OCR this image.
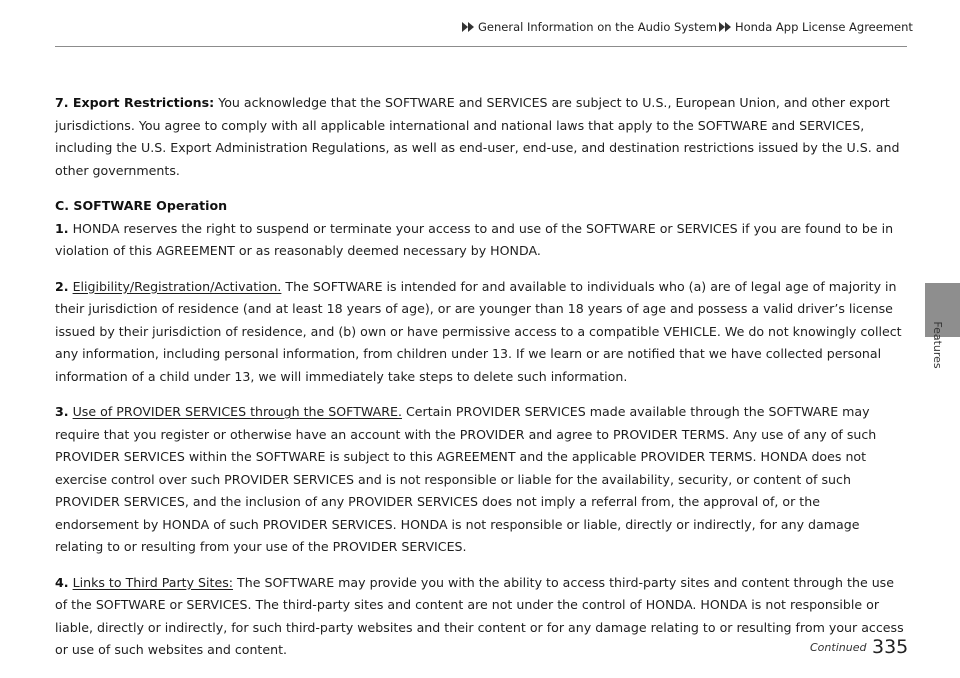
General Information on the Audio System Honda App License Agreement
Features

7. Export Restrictions: You acknowledge that the SOFTWARE and SERVICES are subject to U.S., European Union, and other export jurisdictions. You agree to comply with all applicable international and national laws that apply to the SOFTWARE and SERVICES, including the U.S. Export Administration Regulations, as well as end-user, end-use, and destination restrictions issued by the U.S. and other governments.

C. SOFTWARE Operation

1. HONDA reserves the right to suspend or terminate your access to and use of the SOFTWARE or SERVICES if you are found to be in violation of this AGREEMENT or as reasonably deemed necessary by HONDA.

2. Eligibility/Registration/Activation. The SOFTWARE is intended for and available to individuals who (a) are of legal age of majority in their jurisdiction of residence (and at least 18 years of age), or are younger than 18 years of age and possess a valid driver’s license issued by their jurisdiction of residence, and (b) own or have permissive access to a compatible VEHICLE. We do not knowingly collect any information, including personal information, from children under 13. If we learn or are notified that we have collected personal information of a child under 13, we will immediately take steps to delete such information.

3. Use of PROVIDER SERVICES through the SOFTWARE. Certain PROVIDER SERVICES made available through the SOFTWARE may require that you register or otherwise have an account with the PROVIDER and agree to PROVIDER TERMS. Any use of any of such PROVIDER SERVICES within the SOFTWARE is subject to this AGREEMENT and the applicable PROVIDER TERMS. HONDA does not exercise control over such PROVIDER SERVICES and is not responsible or liable for the availability, security, or content of such PROVIDER SERVICES, and the inclusion of any PROVIDER SERVICES does not imply a referral from, the approval of, or the endorsement by HONDA of such PROVIDER SERVICES. HONDA is not responsible or liable, directly or indirectly, for any damage relating to or resulting from your use of the PROVIDER SERVICES.

4. Links to Third Party Sites: The SOFTWARE may provide you with the ability to access third-party sites and content through the use of the SOFTWARE or SERVICES. The third-party sites and content are not under the control of HONDA. HONDA is not responsible or liable, directly or indirectly, for such third-party websites and their content or for any damage relating to or resulting from your access or use of such websites and content.	Continued 335
